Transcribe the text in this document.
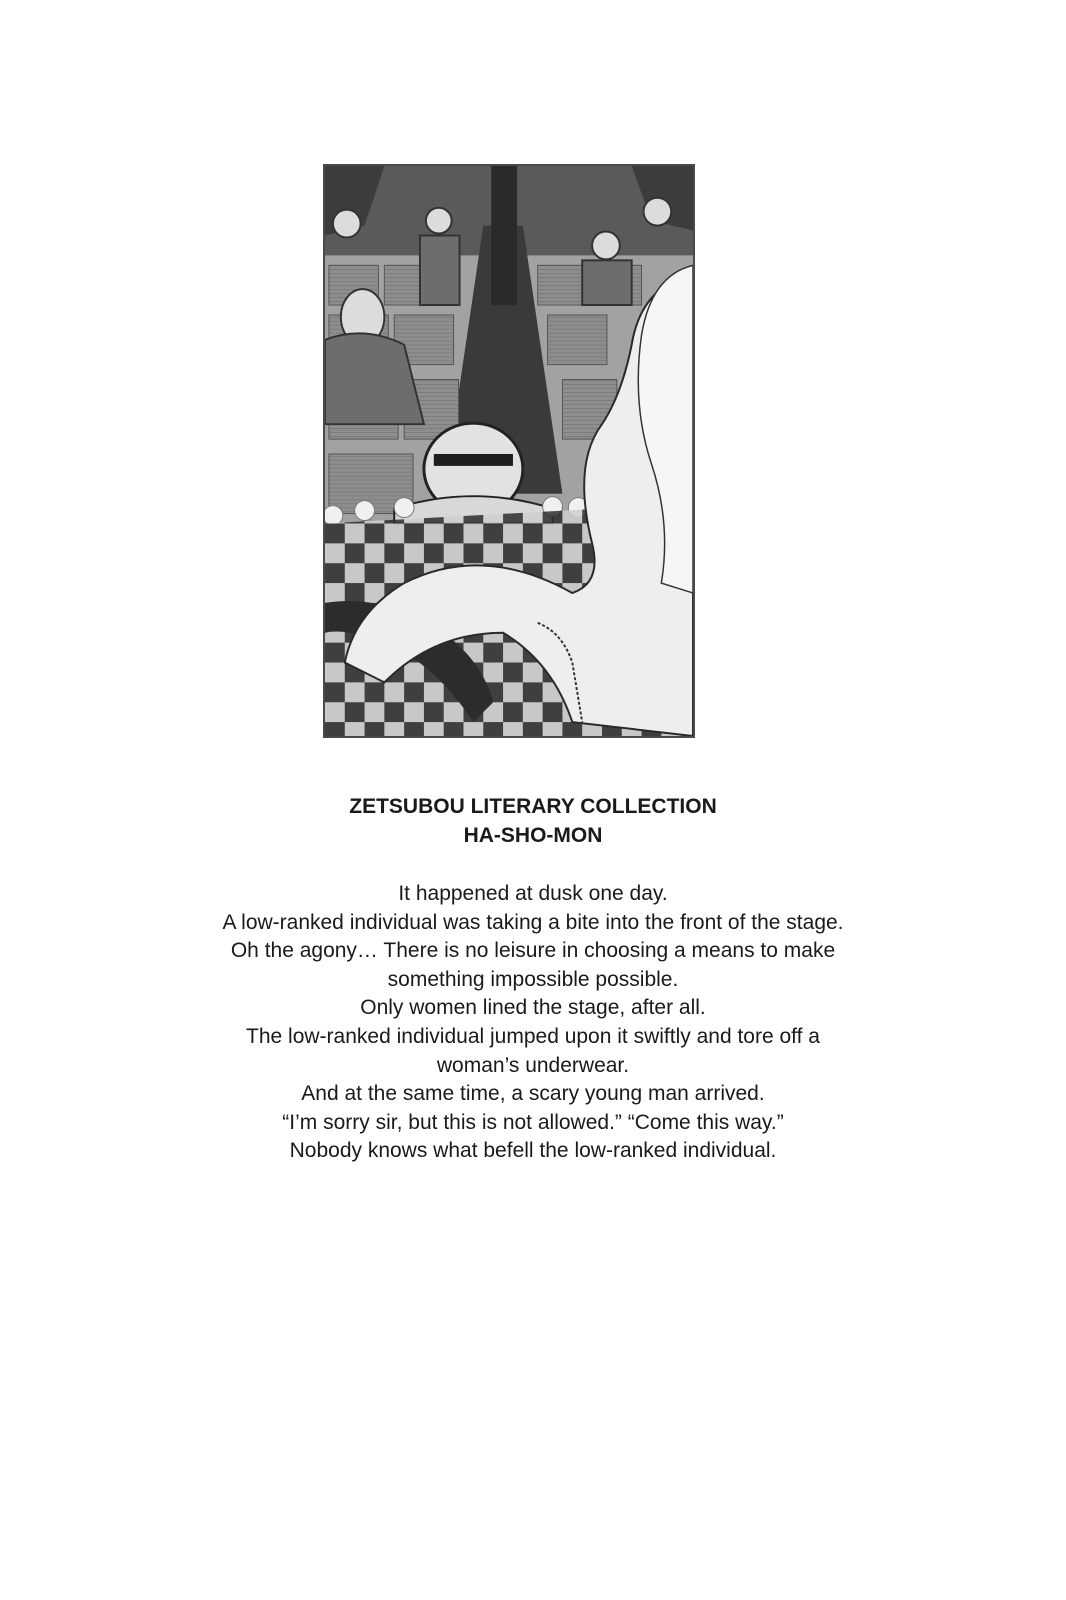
ZETSUBOU LITERARY COLLECTION
HA-SHO-MON
It happened at dusk one day.
A low-ranked individual was taking a bite into the front of the stage.
Oh the agony… There is no leisure in choosing a means to make
something impossible possible.
Only women lined the stage, after all.
The low-ranked individual jumped upon it swiftly and tore off a
woman’s underwear.
And at the same time, a scary young man arrived.
“I’m sorry sir, but this is not allowed.” “Come this way.”
Nobody knows what befell the low-ranked individual.
